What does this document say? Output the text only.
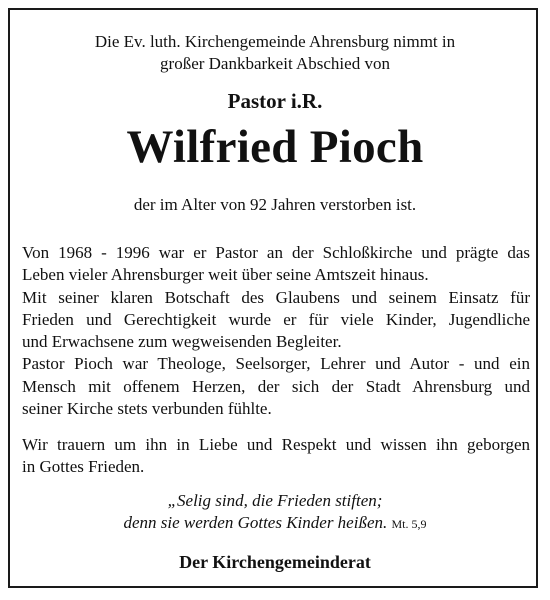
Die Ev. luth. Kirchengemeinde Ahrensburg nimmt in
großer Dankbarkeit Abschied von
Pastor i.R.
Wilfried Pioch
der im Alter von 92 Jahren verstorben ist.
Von 1968 - 1996 war er Pastor an der Schloßkirche und prägte das
Leben vieler Ahrensburger weit über seine Amtszeit hinaus.
Mit seiner klaren Botschaft des Glaubens und seinem Einsatz für
Frieden und Gerechtigkeit wurde er für viele Kinder, Jugendliche
und Erwachsene zum wegweisenden Begleiter.
Pastor Pioch war Theologe, Seelsorger, Lehrer und Autor - und ein
Mensch mit offenem Herzen, der sich der Stadt Ahrensburg und
seiner Kirche stets verbunden fühlte.
Wir trauern um ihn in Liebe und Respekt und wissen ihn geborgen
in Gottes Frieden.
„Selig sind, die Frieden stiften;
denn sie werden Gottes Kinder heißen. Mt. 5,9
Der Kirchengemeinderat
